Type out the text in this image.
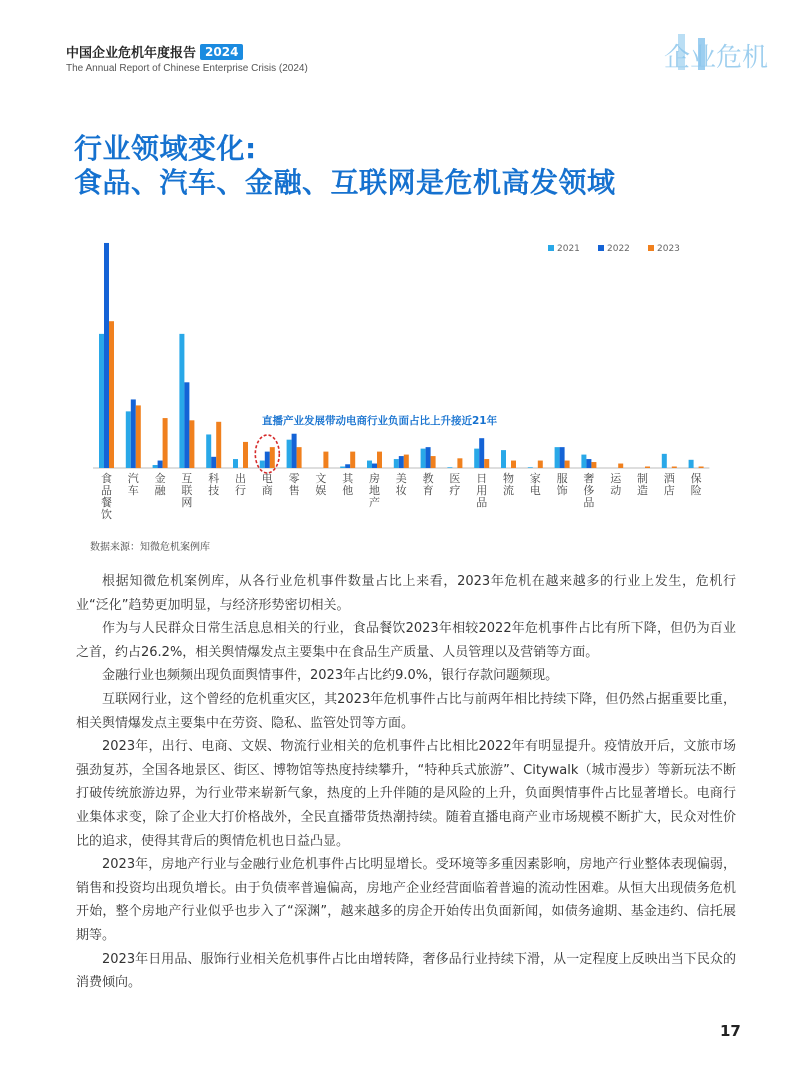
中国企业危机年度报告 2024
The Annual Report of Chinese Enterprise Crisis (2024)	企业危机
行业领域变化:
食品、汽车、金融、互联网是危机高发领域
食
品
餐
饮
汽
车
金
融
互
联
网
科
技
出
行
电
商
零
售
文
娱
其
他
房
地
产
美
妆
教
育
医
疗
日
用
品
物
流
家
电
服
饰
奢
侈
品
运
动
制
造
酒
店
保
险
直播产业发展带动电商行业负面占比上升接近21年
2021	2022	2023
数据来源：知微危机案例库

根据知微危机案例库，从各行业危机事件数量占比上来看，2023年危机在越来越多的行业上发生，危机行业“泛化”趋势更加明显，与经济形势密切相关。

作为与人民群众日常生活息息相关的行业，食品餐饮2023年相较2022年危机事件占比有所下降，但仍为百业之首，约占26.2%，相关舆情爆发点主要集中在食品生产质量、人员管理以及营销等方面。

金融行业也频频出现负面舆情事件，2023年占比约9.0%，银行存款问题频现。

互联网行业，这个曾经的危机重灾区，其2023年危机事件占比与前两年相比持续下降，但仍然占据重要比重，相关舆情爆发点主要集中在劳资、隐私、监管处罚等方面。

2023年，出行、电商、文娱、物流行业相关的危机事件占比相比2022年有明显提升。疫情放开后，文旅市场强劲复苏，全国各地景区、街区、博物馆等热度持续攀升，“特种兵式旅游”、Citywalk（城市漫步）等新玩法不断打破传统旅游边界，为行业带来崭新气象，热度的上升伴随的是风险的上升，负面舆情事件占比显著增长。电商行业集体求变，除了企业大打价格战外，全民直播带货热潮持续。随着直播电商产业市场规模不断扩大，民众对性价比的追求，使得其背后的舆情危机也日益凸显。

2023年，房地产行业与金融行业危机事件占比明显增长。受环境等多重因素影响，房地产行业整体表现偏弱，销售和投资均出现负增长。由于负债率普遍偏高，房地产企业经营面临着普遍的流动性困难。从恒大出现债务危机开始，整个房地产行业似乎也步入了“深渊”，越来越多的房企开始传出负面新闻，如债务逾期、基金违约、信托展期等。

2023年日用品、服饰行业相关危机事件占比由增转降，奢侈品行业持续下滑，从一定程度上反映出当下民众的消费倾向。

17
